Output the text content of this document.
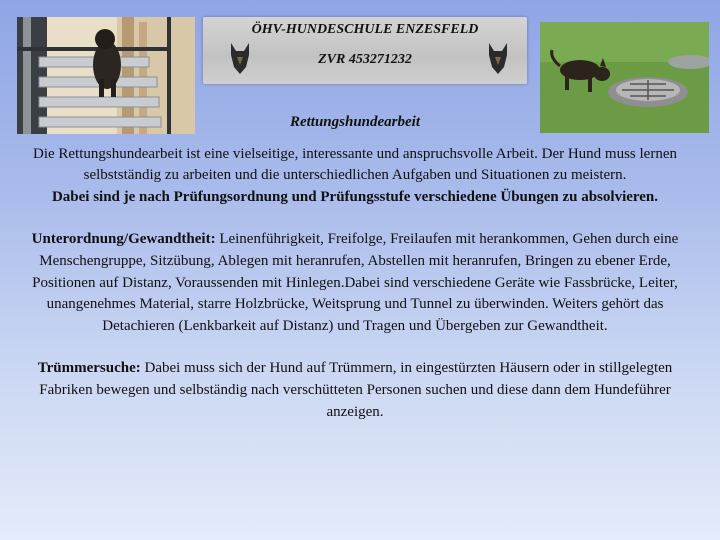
ÖHV-HUNDESCHULE ENZESFELD
ZVR 453271232
Rettungshundearbeit

Die Rettungshundearbeit ist eine vielseitige, interessante und anspruchsvolle Arbeit. Der Hund muss lernen selbstständig zu arbeiten und die unterschiedlichen Aufgaben und Situationen zu meistern.

Dabei sind je nach Prüfungsordnung und Prüfungsstufe verschiedene Übungen zu absolvieren.

Unterordnung/Gewandtheit: Leinenführigkeit, Freifolge, Freilaufen mit herankommen, Gehen durch eine Menschengruppe, Sitzübung, Ablegen mit heranrufen, Abstellen mit heranrufen, Bringen zu ebener Erde, Positionen auf Distanz, Voraussenden mit Hinlegen.Dabei sind verschiedene Geräte wie Fassbrücke, Leiter, unangenehmes Material, starre Holzbrücke, Weitsprung und Tunnel zu überwinden. Weiters gehört das Detachieren (Lenkbarkeit auf Distanz) und Tragen und Übergeben zur Gewandtheit.

Trümmersuche: Dabei muss sich der Hund auf Trümmern, in eingestürzten Häusern oder in stillgelegten Fabriken bewegen und selbständig nach verschütteten Personen suchen und diese dann dem Hundeführer anzeigen.
